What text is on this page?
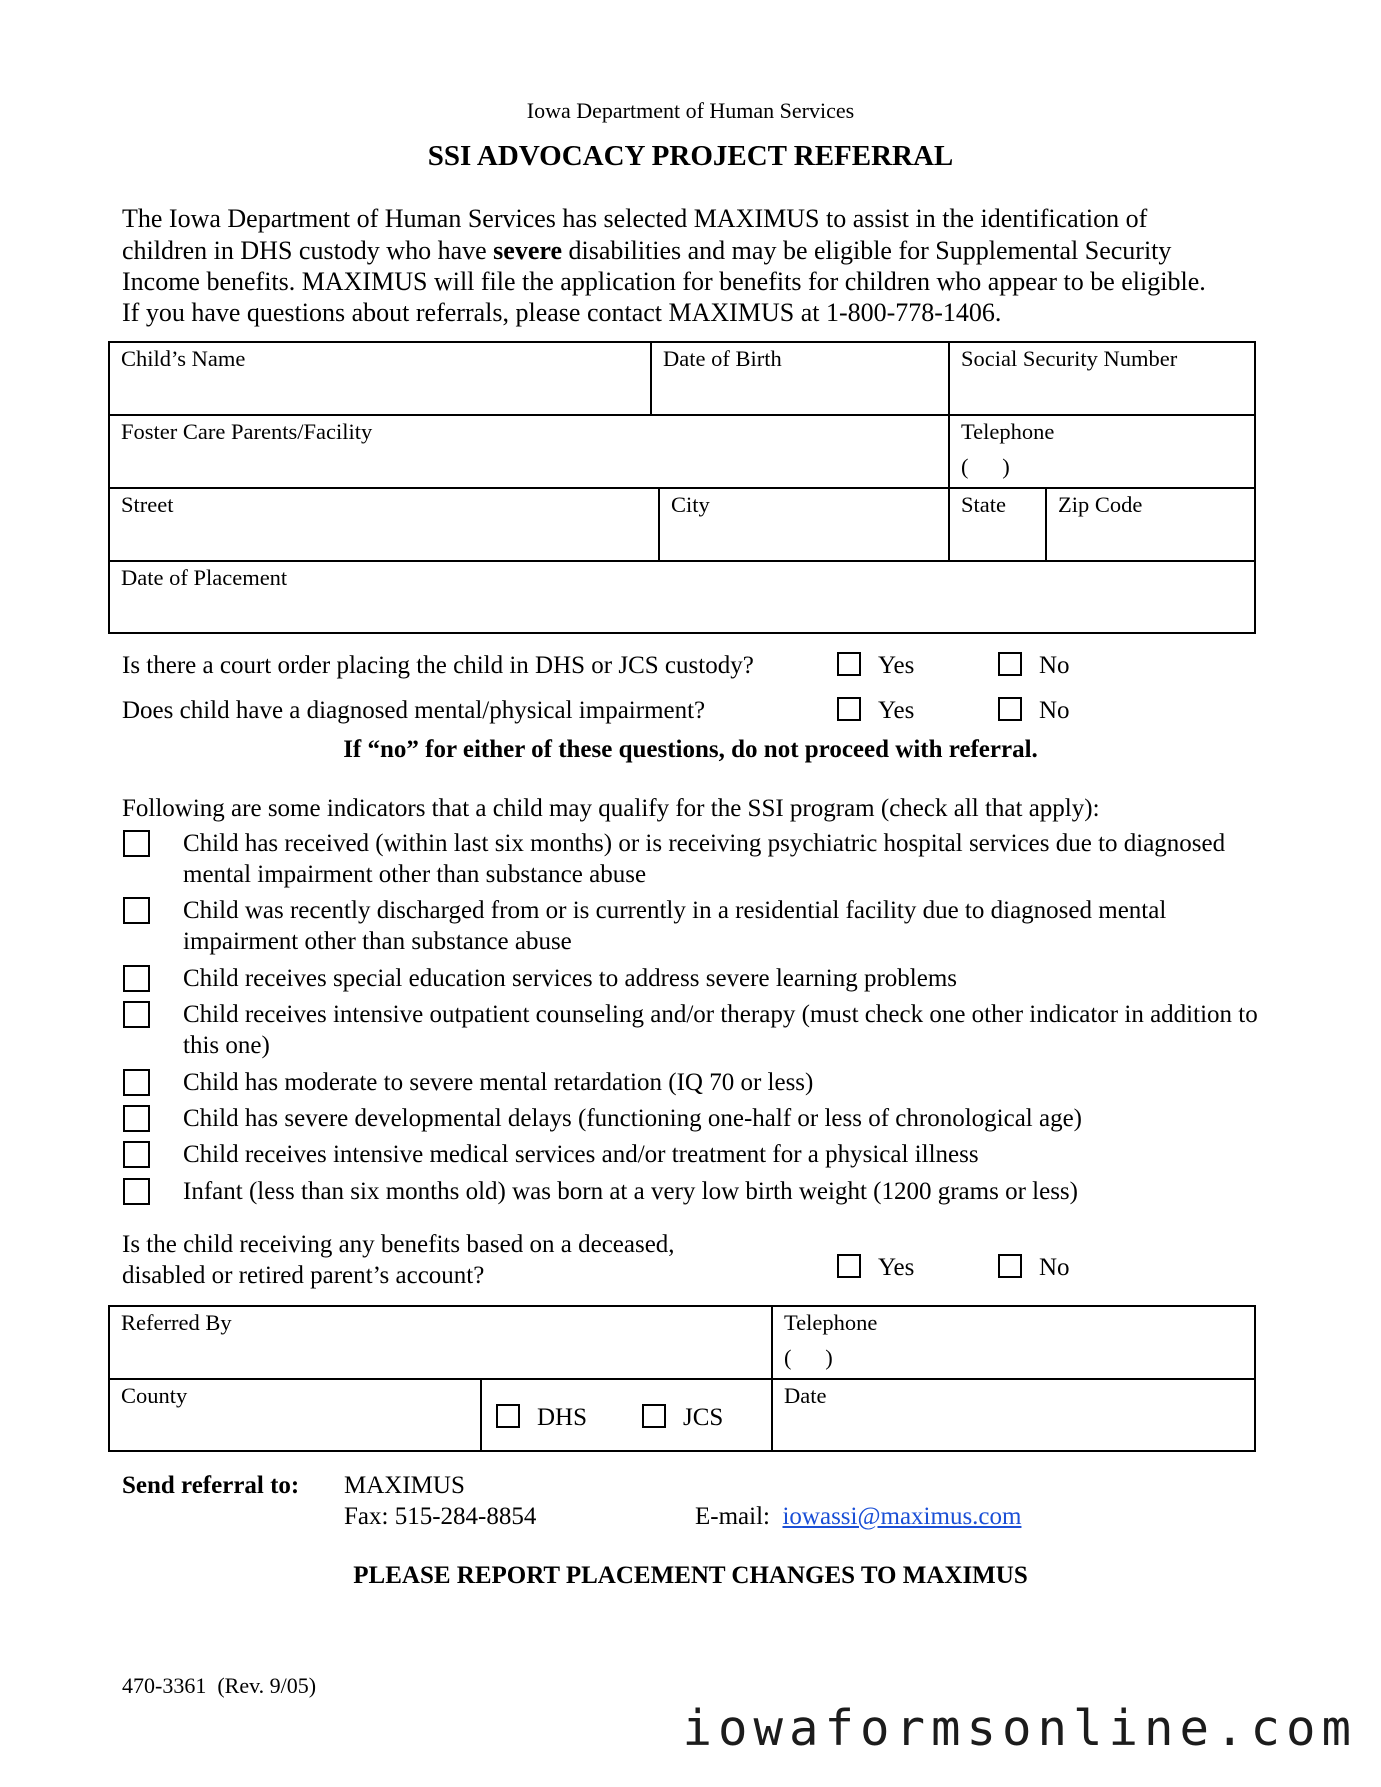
Iowa Department of Human Services
SSI ADVOCACY PROJECT REFERRAL
The Iowa Department of Human Services has selected MAXIMUS to assist in the identification of
children in DHS custody who have severe disabilities and may be eligible for Supplemental Security
Income benefits. MAXIMUS will file the application for benefits for children who appear to be eligible.
If you have questions about referrals, please contact MAXIMUS at 1-800-778-1406.
Child’s Name	Date of Birth	Social Security Number
Foster Care Parents/Facility	Telephone
(      )
Street	City	State Zip Code
Date of Placement
Is there a court order placing the child in DHS or JCS custody?	Yes	No
Does child have a diagnosed mental/physical impairment?	Yes	No
If “no” for either of these questions, do not proceed with referral.
Following are some indicators that a child may qualify for the SSI program (check all that apply):
Child has received (within last six months) or is receiving psychiatric hospital services due to diagnosed mental impairment other than substance abuse
Child was recently discharged from or is currently in a residential facility due to diagnosed mental impairment other than substance abuse
Child receives special education services to address severe learning problems
Child receives intensive outpatient counseling and/or therapy (must check one other indicator in addition to this one)
Child has moderate to severe mental retardation (IQ 70 or less)
Child has severe developmental delays (functioning one-half or less of chronological age)
Child receives intensive medical services and/or treatment for a physical illness
Infant (less than six months old) was born at a very low birth weight (1200 grams or less)
Is the child receiving any benefits based on a deceased,
disabled or retired parent’s account?	Yes	No
Referred By	Telephone
(      )
County
DHS	JCS
Date
Send referral to: MAXIMUS
Fax: 515-284-8854	E-mail: iowassi@maximus.com
PLEASE REPORT PLACEMENT CHANGES TO MAXIMUS
470-3361  (Rev. 9/05)
iowaformsonline.com
